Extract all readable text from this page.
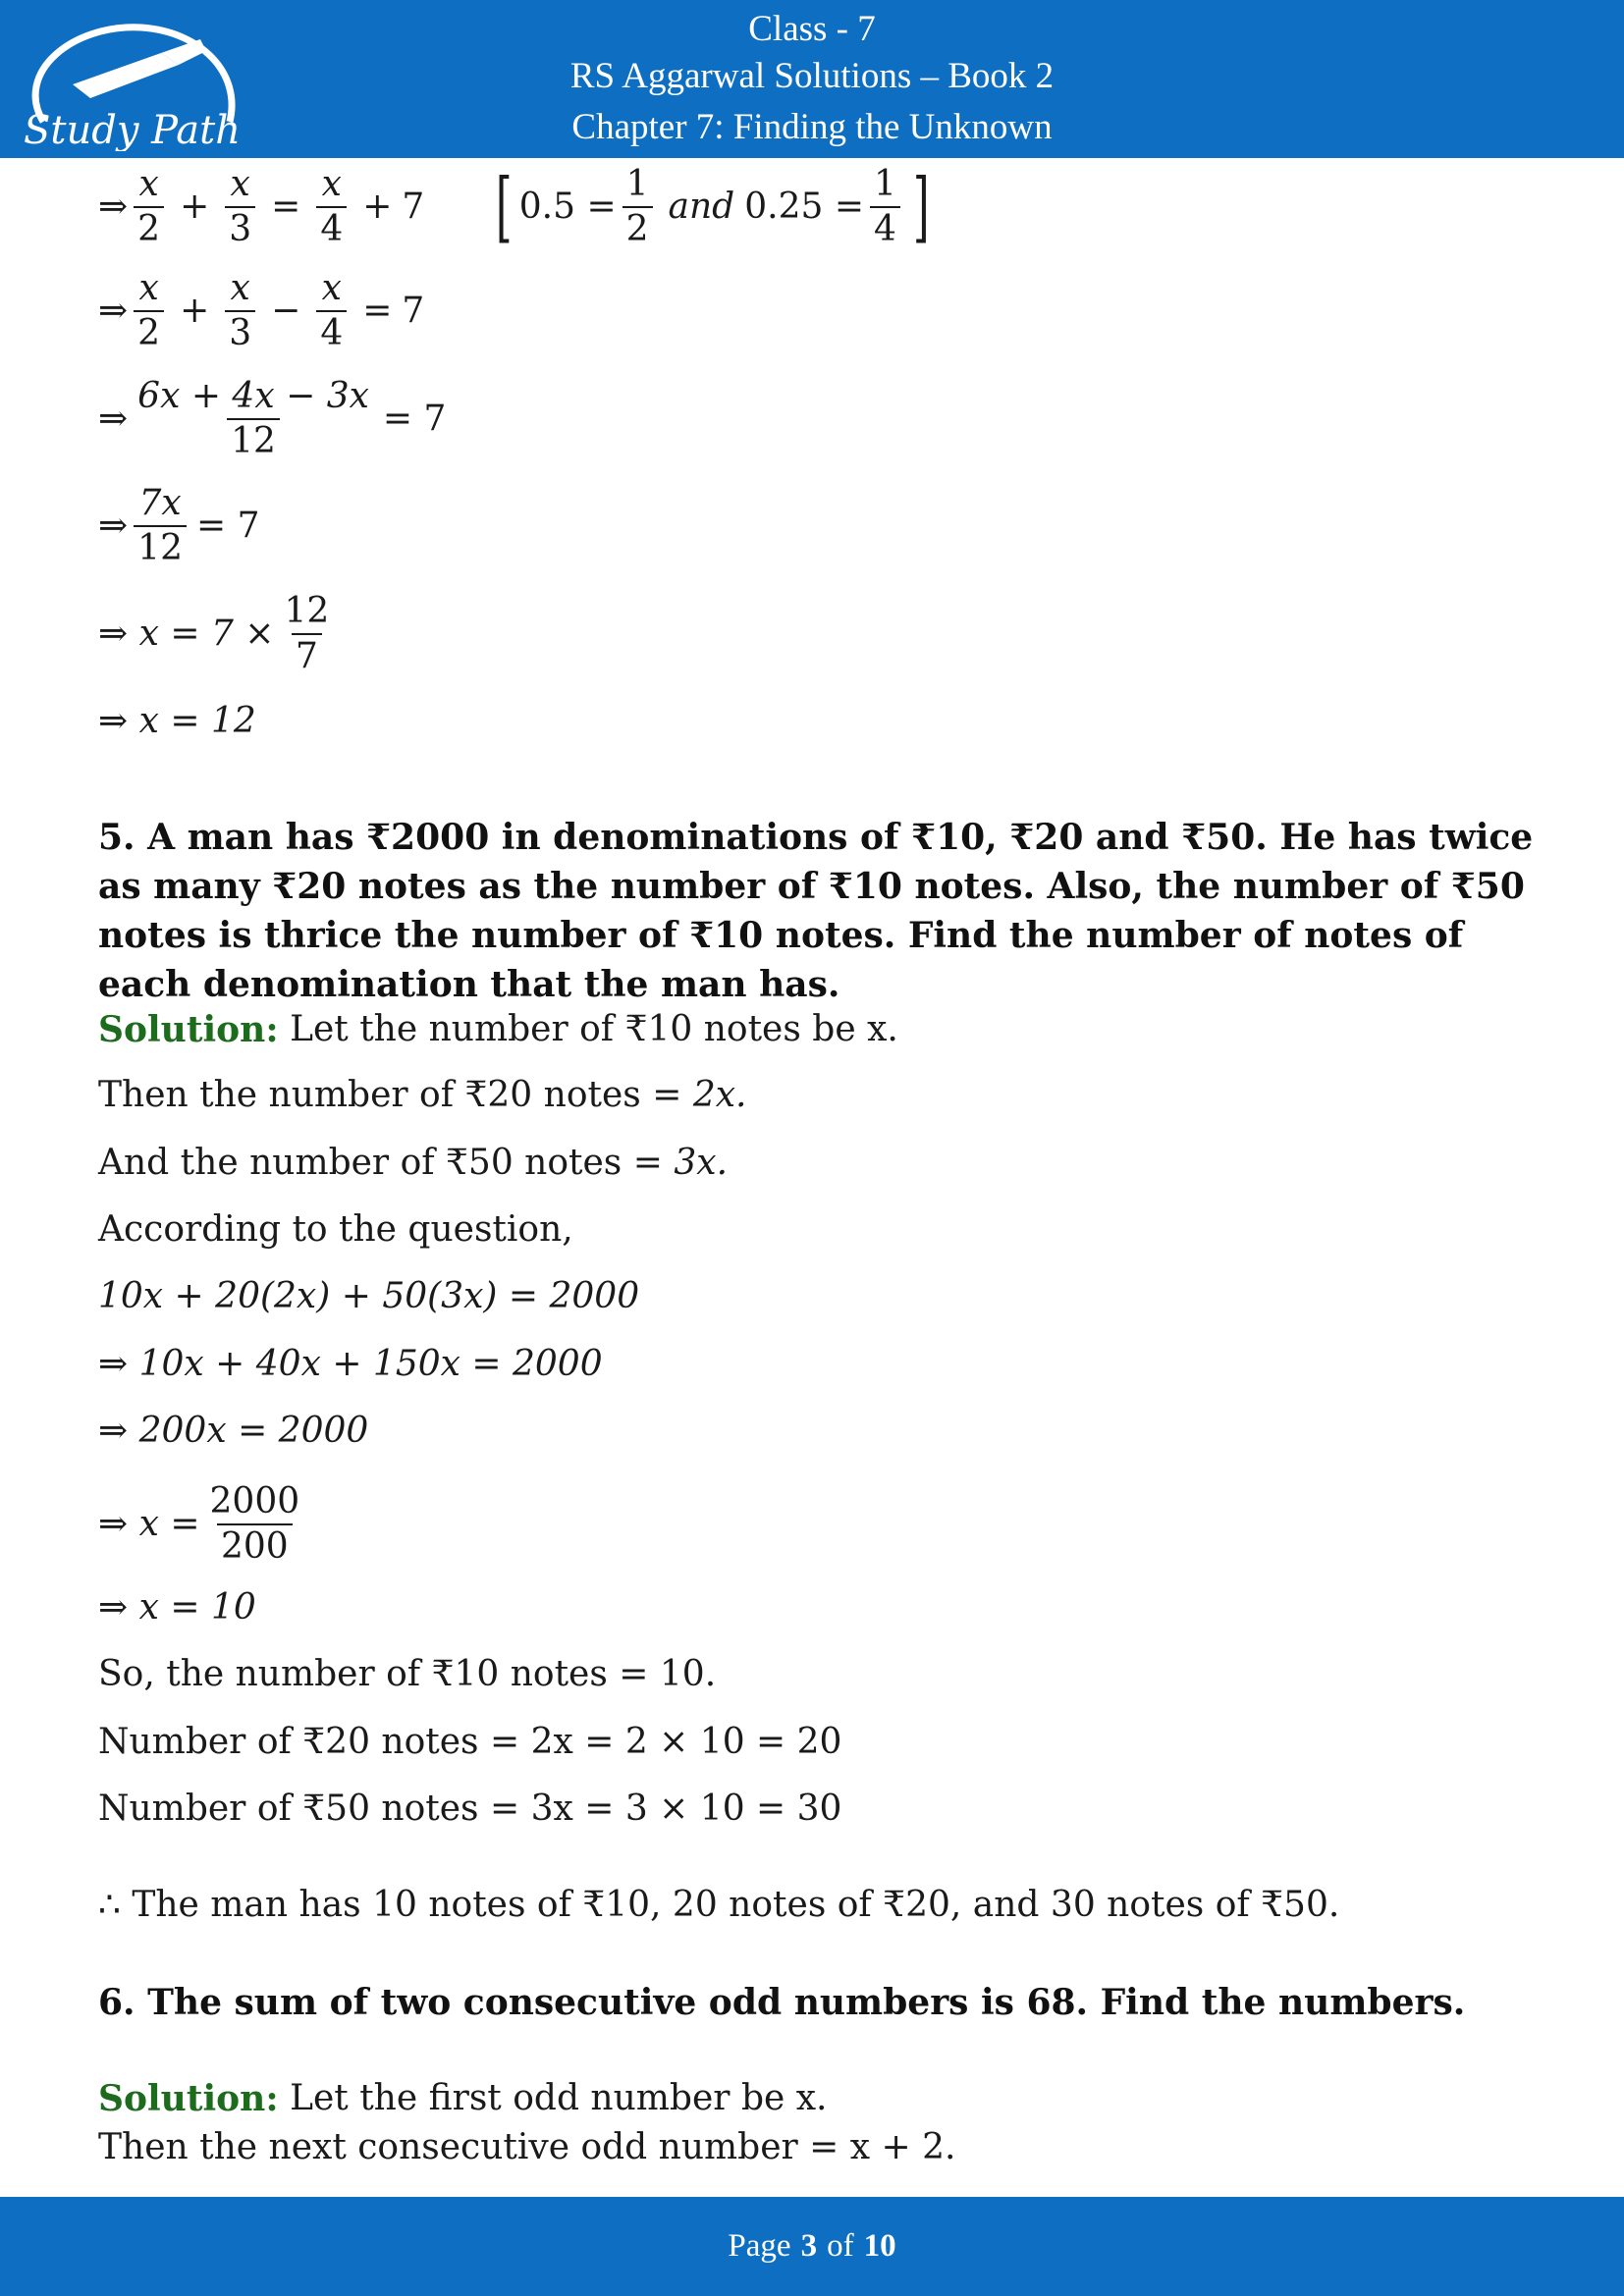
Study Path
Class - 7
RS Aggarwal Solutions – Book 2
Chapter 7: Finding the Unknown
⇒ $\frac{x}{2} + \frac{x}{3} = \frac{x}{4} + 7$ [ $0.5 = \frac{1}{2}$ and $0.25 = \frac{1}{4}$ ]
⇒ $\frac{x}{2} + \frac{x}{3} - \frac{x}{4} = 7$
⇒ $\frac{6x + 4x - 3x}{12} = 7$
⇒ $\frac{7x}{12} = 7$
⇒ $x = 7 \times \frac{12}{7}$
⇒ x = 12
5. A man has ₹2000 in denominations of ₹10, ₹20 and ₹50. He has twice as many ₹20 notes as the number of ₹10 notes. Also, the number of ₹50 notes is thrice the number of ₹10 notes. Find the number of notes of each denomination that the man has.
Solution:
Let the number of ₹10 notes be x.
Then the number of ₹20 notes =
2x.
And the number of ₹50 notes =
3x.
According to the question,
10x + 20(2x) + 50(3x) = 2000
⇒ 10x + 40x + 150x = 2000
⇒ 200x = 2000
⇒ $x = \frac{2000}{200}$
⇒ x = 10
So, the number of ₹10 notes = 10.
Number of ₹20 notes = 2x = 2 × 10 = 20
Number of ₹50 notes = 3x = 3 × 10 = 30
∴ The man has 10 notes of ₹10, 20 notes of ₹20, and 30 notes of ₹50.
6. The sum of two consecutive odd numbers is 68. Find the numbers.
Solution:
Let the first odd number be x.
Then the next consecutive odd number = x + 2.
Page 3 of 10
